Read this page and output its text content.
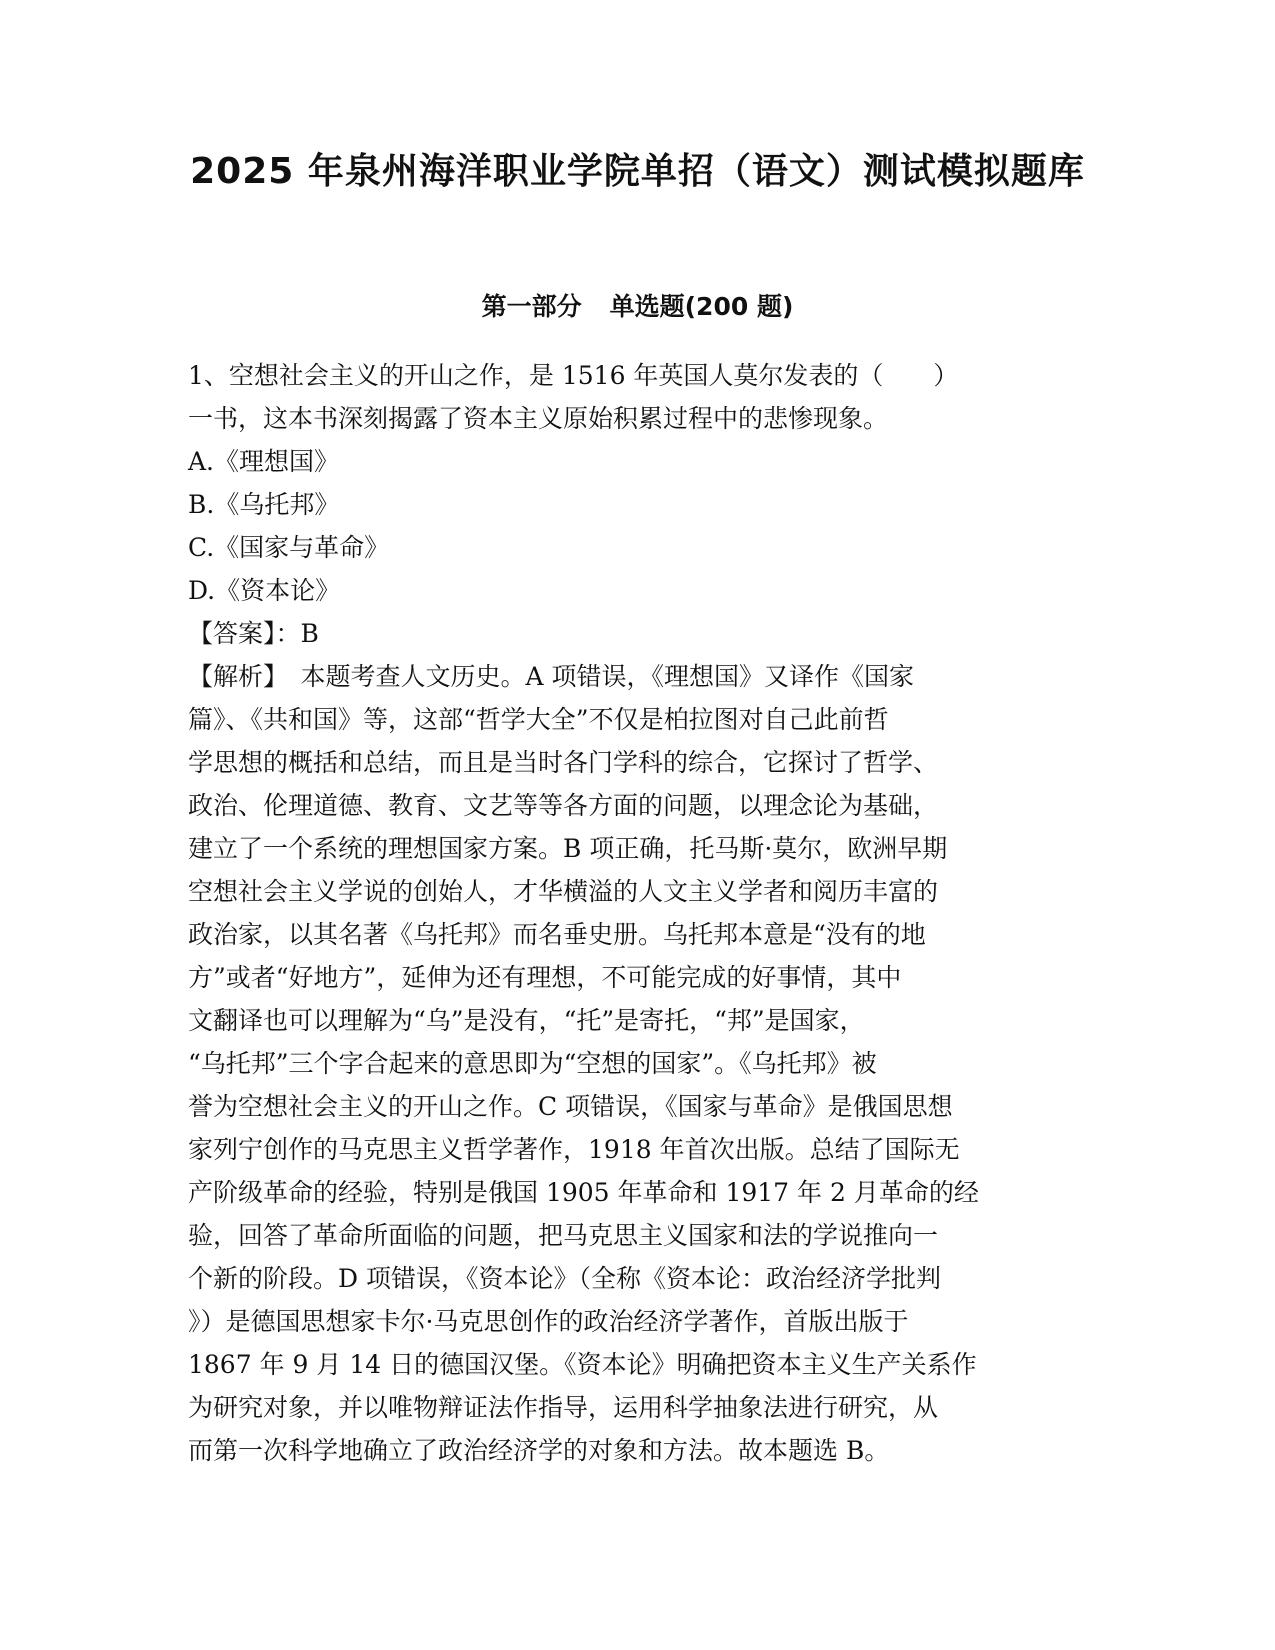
2025 年泉州海洋职业学院单招（语文）测试模拟题库
第一部分 单选题(200 题)
1、空想社会主义的开山之作，是 1516 年英国人莫尔发表的（　　）
一书，这本书深刻揭露了资本主义原始积累过程中的悲惨现象。
A.《理想国》
B.《乌托邦》
C.《国家与革命》
D.《资本论》
【答案】：B
【解析】　本题考查人文历史。A 项错误，《理想国》又译作《国家
篇》、《共和国》等，这部“哲学大全”不仅是柏拉图对自己此前哲
学思想的概括和总结，而且是当时各门学科的综合，它探讨了哲学、
政治、伦理道德、教育、文艺等等各方面的问题，以理念论为基础，
建立了一个系统的理想国家方案。B 项正确，托马斯·莫尔，欧洲早期
空想社会主义学说的创始人，才华横溢的人文主义学者和阅历丰富的
政治家，以其名著《乌托邦》而名垂史册。乌托邦本意是“没有的地
方”或者“好地方”，延伸为还有理想，不可能完成的好事情，其中
文翻译也可以理解为“乌”是没有，“托”是寄托，“邦”是国家，
“乌托邦”三个字合起来的意思即为“空想的国家”。《乌托邦》被
誉为空想社会主义的开山之作。C 项错误，《国家与革命》是俄国思想
家列宁创作的马克思主义哲学著作，1918 年首次出版。总结了国际无
产阶级革命的经验，特别是俄国 1905 年革命和 1917 年 2 月革命的经
验，回答了革命所面临的问题，把马克思主义国家和法的学说推向一
个新的阶段。D 项错误，《资本论》（全称《资本论：政治经济学批判
》）是德国思想家卡尔·马克思创作的政治经济学著作，首版出版于
1867 年 9 月 14 日的德国汉堡。《资本论》明确把资本主义生产关系作
为研究对象，并以唯物辩证法作指导，运用科学抽象法进行研究，从
而第一次科学地确立了政治经济学的对象和方法。故本题选 B。
